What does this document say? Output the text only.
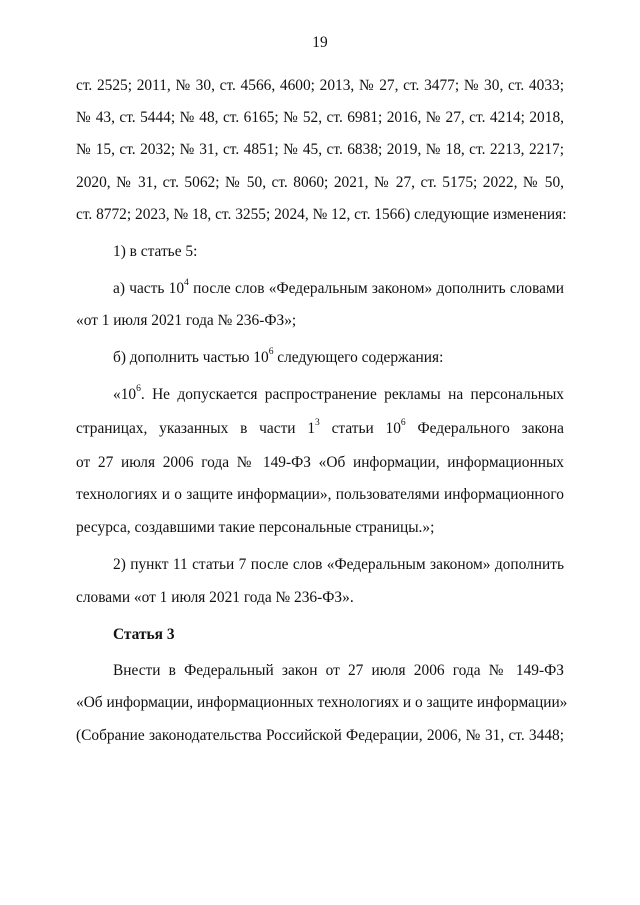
19
ст. 2525; 2011, № 30, ст. 4566, 4600; 2013, № 27, ст. 3477; № 30, ст. 4033;
№ 43, ст. 5444; № 48, ст. 6165; № 52, ст. 6981; 2016, № 27, ст. 4214; 2018,
№ 15, ст. 2032; № 31, ст. 4851; № 45, ст. 6838; 2019, № 18, ст. 2213, 2217;
2020, № 31, ст. 5062; № 50, ст. 8060; 2021, № 27, ст. 5175; 2022, № 50,
ст. 8772; 2023, № 18, ст. 3255; 2024, № 12, ст. 1566) следующие изменения:
1) в статье 5:
а) часть $10^4$ после слов «Федеральным законом» дополнить словами
«от 1 июля 2021 года № 236-ФЗ»;
б) дополнить частью $10^6$ следующего содержания:
«$10^6$. Не допускается распространение рекламы на персональных
страницах, указанных в части $1^3$ статьи $10^6$ Федерального закона
от 27 июля 2006 года № 149-ФЗ «Об информации, информационных
технологиях и о защите информации», пользователями информационного
ресурса, создавшими такие персональные страницы.»;
2) пункт 11 статьи 7 после слов «Федеральным законом» дополнить
словами «от 1 июля 2021 года № 236-ФЗ».
Статья 3
Внести в Федеральный закон от 27 июля 2006 года № 149-ФЗ
«Об информации, информационных технологиях и о защите информации»
(Собрание законодательства Российской Федерации, 2006, № 31, ст. 3448;
